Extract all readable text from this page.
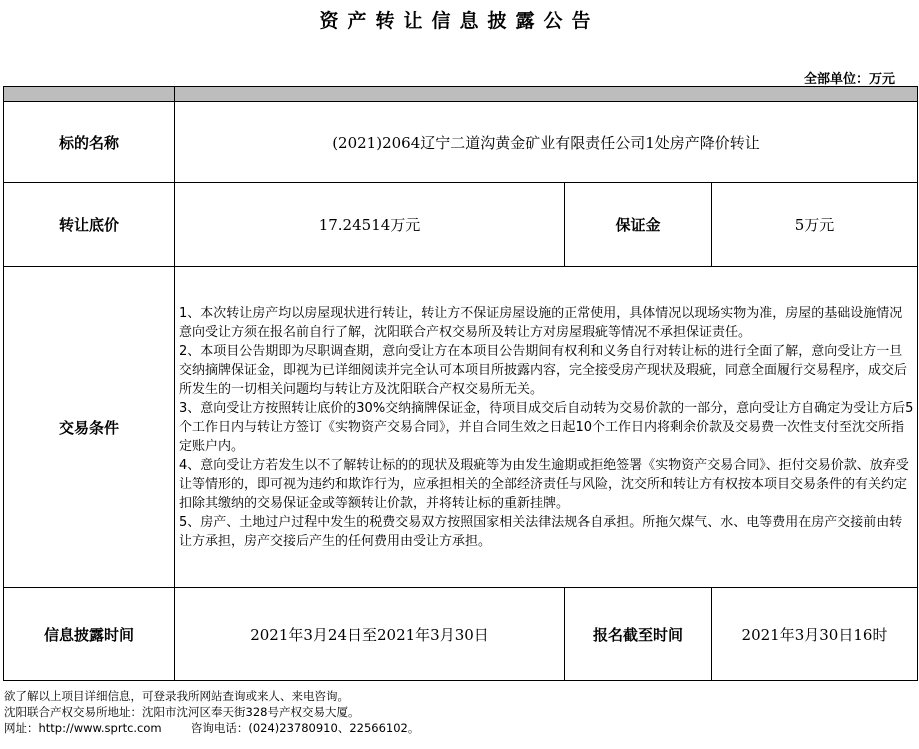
资产转让信息披露公告
全部单位：万元

标的名称	(2021)2064辽宁二道沟黄金矿业有限责任公司1处房产降价转让		
转让底价	17.24514万元	保证金	5万元
交易条件	1、本次转让房产均以房屋现状进行转让，转让方不保证房屋设施的正常使用，具体情况以现场实物为准，房屋的基础设施情况意向受让方须在报名前自行了解，沈阳联合产权交易所及转让方对房屋瑕疵等情况不承担保证责任。

2、本项目公告期即为尽职调查期，意向受让方在本项目公告期间有权利和义务自行对转让标的进行全面了解，意向受让方一旦交纳摘牌保证金，即视为已详细阅读并完全认可本项目所披露内容，完全接受房产现状及瑕疵，同意全面履行交易程序，成交后所发生的一切相关问题均与转让方及沈阳联合产权交易所无关。

3、意向受让方按照转让底价的30%交纳摘牌保证金，待项目成交后自动转为交易价款的一部分，意向受让方自确定为受让方后5个工作日内与转让方签订《实物资产交易合同》，并自合同生效之日起10个工作日内将剩余价款及交易费一次性支付至沈交所指定账户内。

4、意向受让方若发生以不了解转让标的的现状及瑕疵等为由发生逾期或拒绝签署《实物资产交易合同》、拒付交易价款、放弃受让等情形的，即可视为违约和欺诈行为，应承担相关的全部经济责任与风险，沈交所和转让方有权按本项目交易条件的有关约定扣除其缴纳的交易保证金或等额转让价款，并将转让标的重新挂牌。

5、房产、土地过户过程中发生的税费交易双方按照国家相关法律法规各自承担。所拖欠煤气、水、电等费用在房产交接前由转让方承担，房产交接后产生的任何费用由受让方承担。		

信息披露时间	2021年3月24日至2021年3月30日	报名截至时间	2021年3月30日16时
欲了解以上项目详细信息，可登录我所网站查询或来人、来电咨询。
沈阳联合产权交易所地址：沈阳市沈河区奉天街328号产权交易大厦。
网址：http://www.sprtc.com        咨询电话：(024)23780910、22566102。
